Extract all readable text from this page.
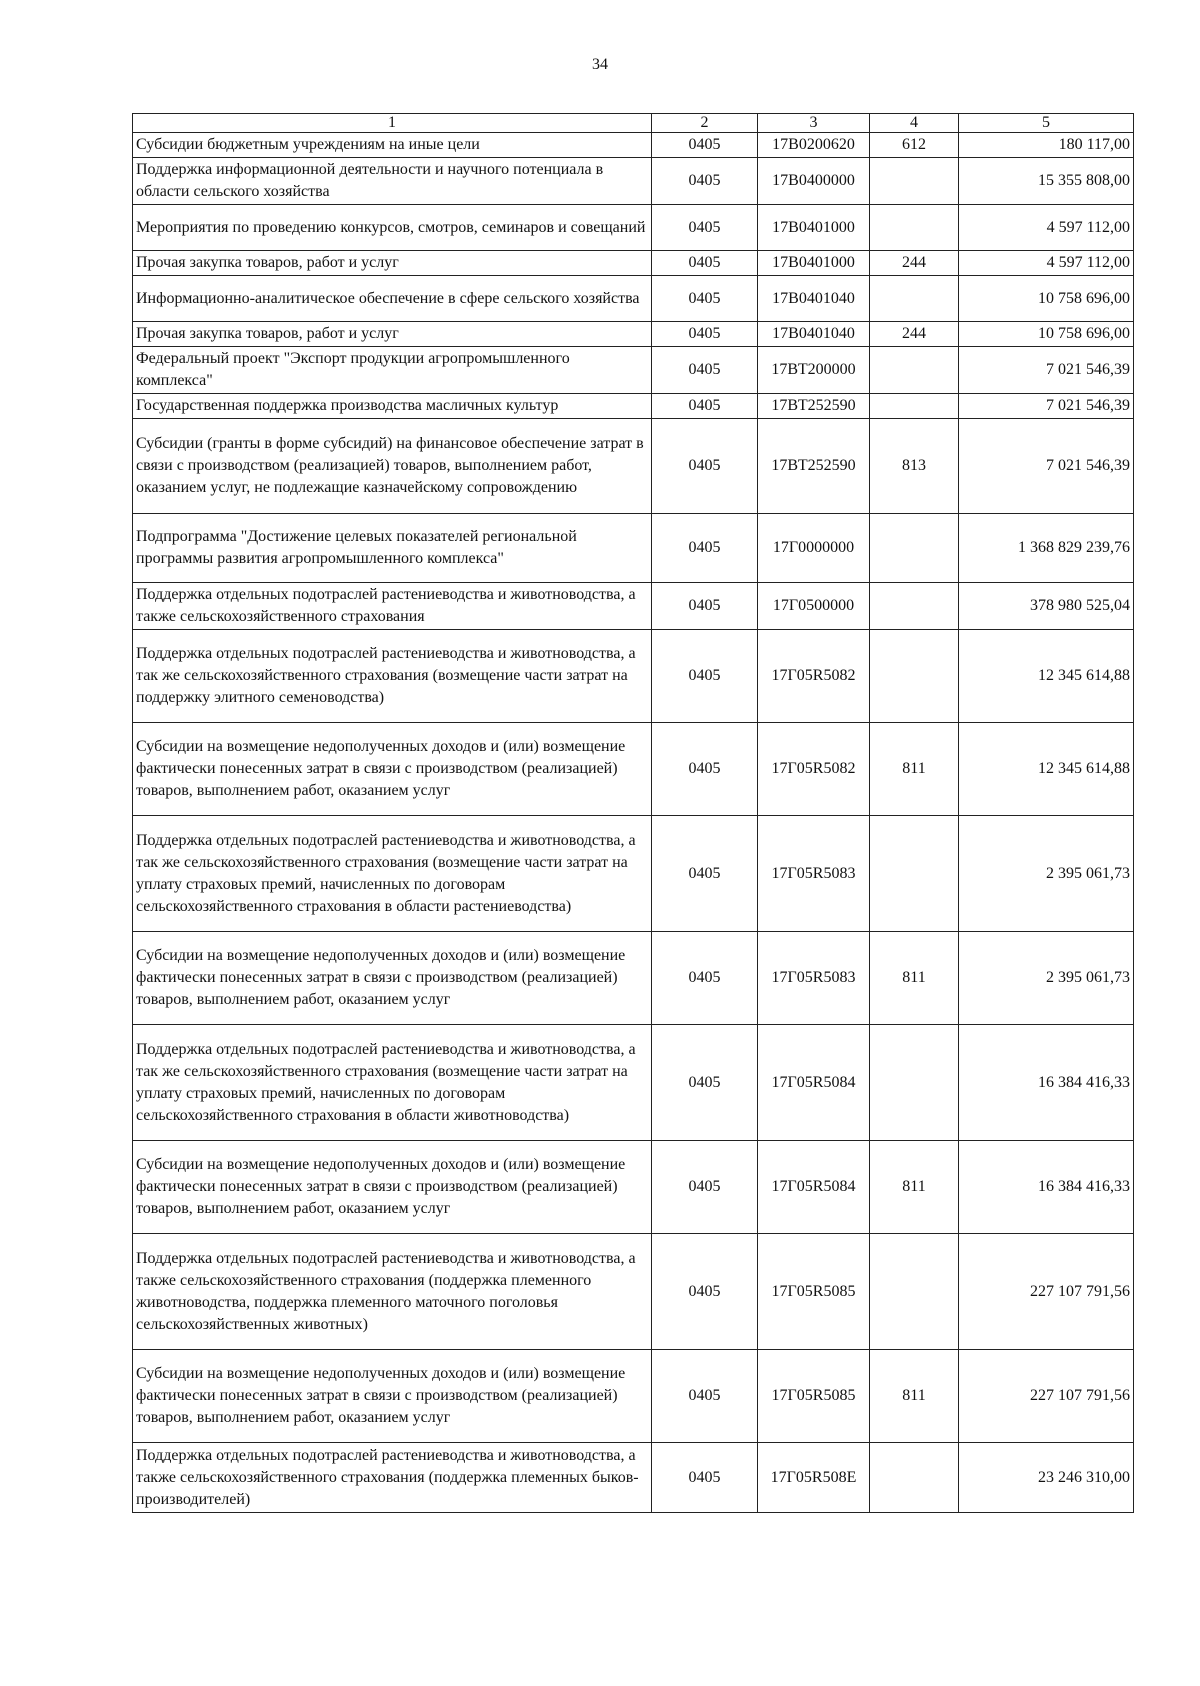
34
1	2	3	4	5
Субсидии бюджетным учреждениям на иные цели	0405	17В0200620	612	180 117,00
Поддержка информационной деятельности и научного потенциала в области сельского хозяйства	0405	17В0400000		15 355 808,00
Мероприятия по проведению конкурсов, смотров, семинаров и совещаний	0405	17В0401000		4 597 112,00
Прочая закупка товаров, работ и услуг	0405	17В0401000	244	4 597 112,00
Информационно-аналитическое обеспечение в сфере сельского хозяйства	0405	17В0401040		10 758 696,00
Прочая закупка товаров, работ и услуг	0405	17В0401040	244	10 758 696,00
Федеральный проект "Экспорт продукции агропромышленного комплекса"	0405	17ВТ200000		7 021 546,39
Государственная поддержка производства масличных культур	0405	17ВТ252590		7 021 546,39
Субсидии (гранты в форме субсидий) на финансовое обеспечение затрат в связи с производством (реализацией) товаров, выполнением работ, оказанием услуг, не подлежащие казначейскому сопровождению	0405	17ВТ252590	813	7 021 546,39
Подпрограмма "Достижение целевых показателей региональной программы развития агропромышленного комплекса"	0405	17Г0000000		1 368 829 239,76
Поддержка отдельных подотраслей растениеводства и животноводства, а также сельскохозяйственного страхования	0405	17Г0500000		378 980 525,04
Поддержка отдельных подотраслей растениеводства и животноводства, а так же сельскохозяйственного страхования (возмещение части затрат на поддержку элитного семеноводства)	0405	17Г05R5082		12 345 614,88
Субсидии на возмещение недополученных доходов и (или) возмещение фактически понесенных затрат в связи с производством (реализацией) товаров, выполнением работ, оказанием услуг	0405	17Г05R5082	811	12 345 614,88
Поддержка отдельных подотраслей растениеводства и животноводства, а так же сельскохозяйственного страхования (возмещение части затрат на уплату страховых премий, начисленных по договорам сельскохозяйственного страхования в области растениеводства)	0405	17Г05R5083		2 395 061,73
Субсидии на возмещение недополученных доходов и (или) возмещение фактически понесенных затрат в связи с производством (реализацией) товаров, выполнением работ, оказанием услуг	0405	17Г05R5083	811	2 395 061,73
Поддержка отдельных подотраслей растениеводства и животноводства, а так же сельскохозяйственного страхования (возмещение части затрат на уплату страховых премий, начисленных по договорам сельскохозяйственного страхования в области животноводства)	0405	17Г05R5084		16 384 416,33
Субсидии на возмещение недополученных доходов и (или) возмещение фактически понесенных затрат в связи с производством (реализацией) товаров, выполнением работ, оказанием услуг	0405	17Г05R5084	811	16 384 416,33
Поддержка отдельных подотраслей растениеводства и животноводства, а также сельскохозяйственного страхования (поддержка племенного животноводства, поддержка племенного маточного поголовья сельскохозяйственных животных)	0405	17Г05R5085		227 107 791,56
Субсидии на возмещение недополученных доходов и (или) возмещение фактически понесенных затрат в связи с производством (реализацией) товаров, выполнением работ, оказанием услуг	0405	17Г05R5085	811	227 107 791,56
Поддержка отдельных подотраслей растениеводства и животноводства, а также сельскохозяйственного страхования (поддержка племенных быков-производителей)	0405	17Г05R508Е		23 246 310,00
